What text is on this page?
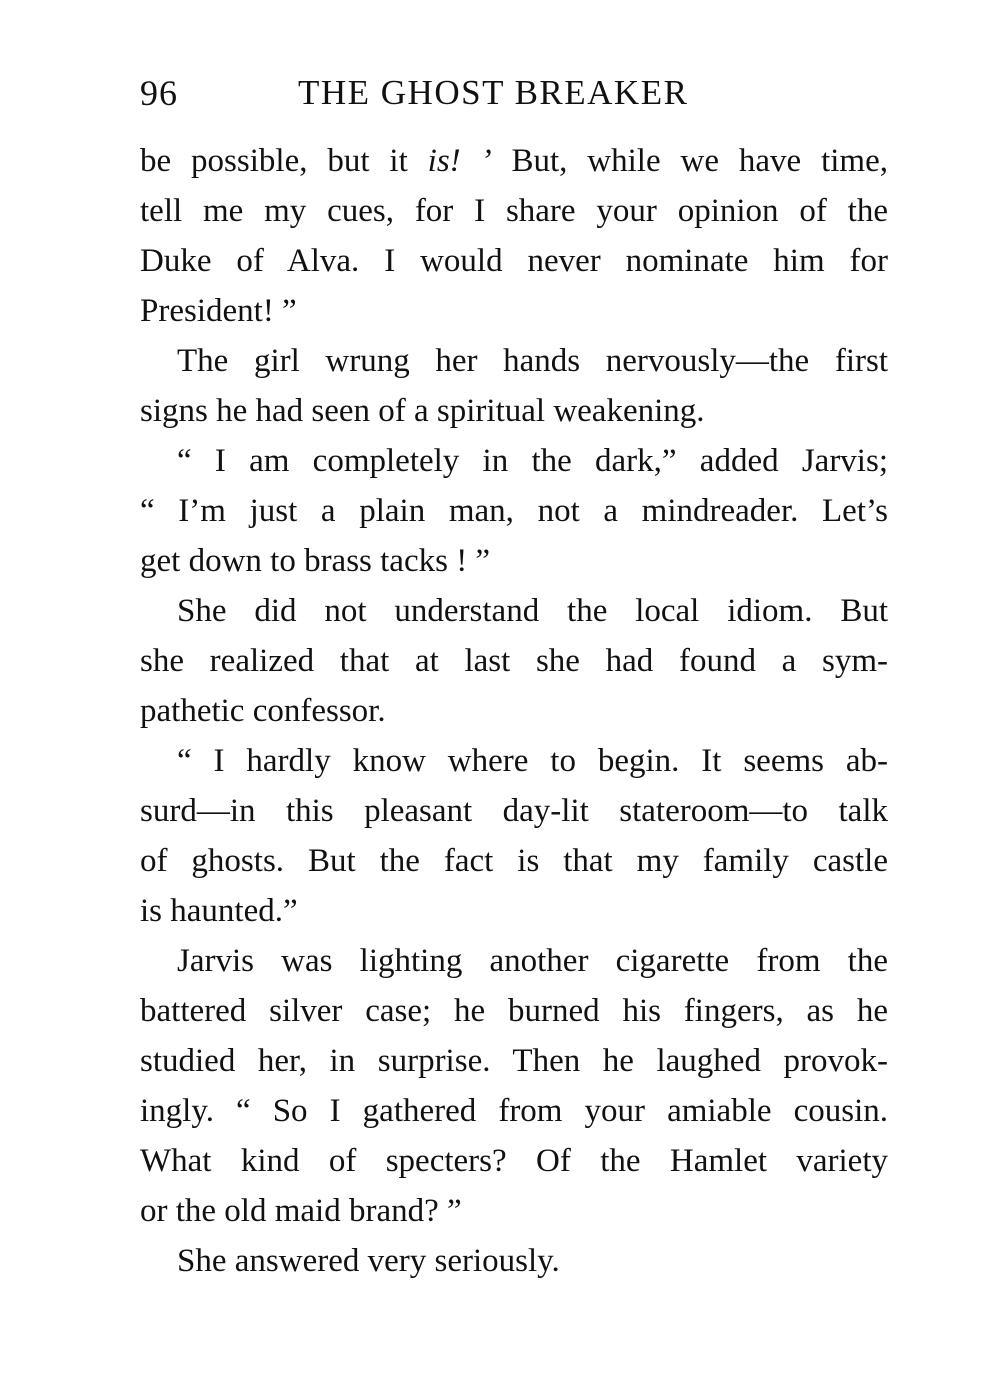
96	THE GHOST BREAKER
be possible, but it is! ’ But, while we have time,
tell me my cues, for I share your opinion of the
Duke of Alva. I would never nominate him for
President! ”
The girl wrung her hands nervously—the first
signs he had seen of a spiritual weakening.
“ I am completely in the dark,” added Jarvis;
“ I’m just a plain man, not a mindreader. Let’s
get down to brass tacks ! ”
She did not understand the local idiom. But
she realized that at last she had found a sym-
pathetic confessor.
“ I hardly know where to begin. It seems ab-
surd—in this pleasant day-lit stateroom—to talk
of ghosts. But the fact is that my family castle
is haunted.”
Jarvis was lighting another cigarette from the
battered silver case; he burned his fingers, as he
studied her, in surprise. Then he laughed provok-
ingly. “ So I gathered from your amiable cousin.
What kind of specters? Of the Hamlet variety
or the old maid brand? ”
She answered very seriously.
